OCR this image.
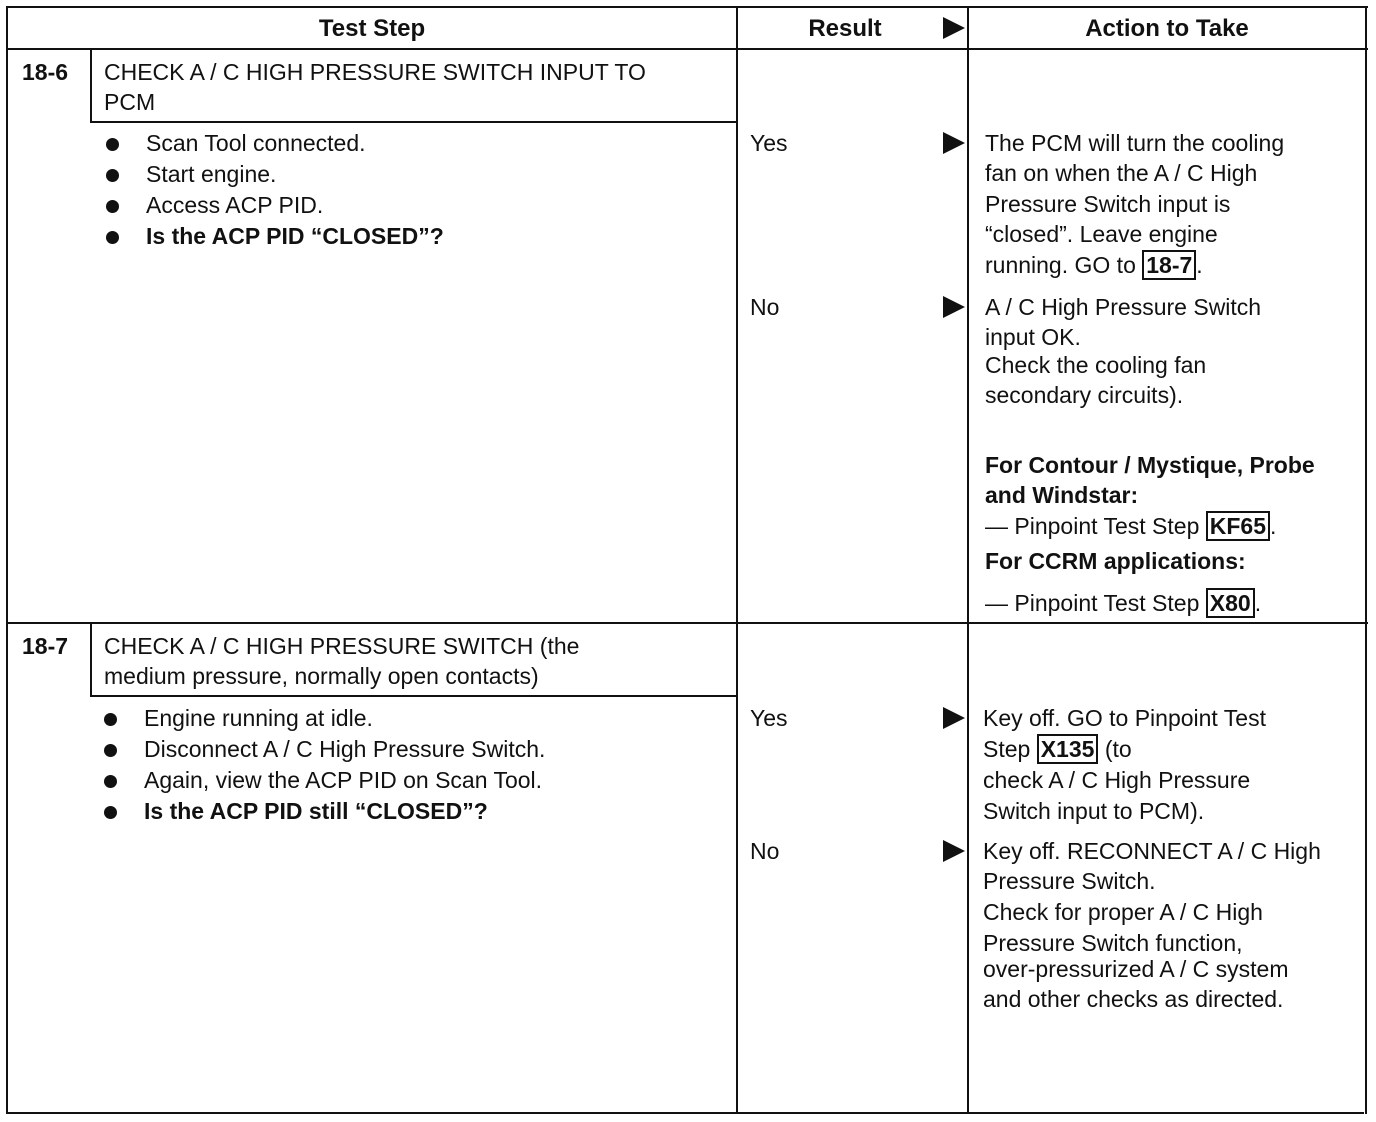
Test Step	Result	Action to Take
18-6 CHECK A / C HIGH PRESSURE SWITCH INPUT TO
PCM
Scan Tool connected.
Start engine.
Access ACP PID.
Is the ACP PID “CLOSED”?
Yes	The PCM will turn the cooling
fan on when the A / C High
Pressure Switch input is
“closed”. Leave engine
running. GO to 18-7 .
No	A / C High Pressure Switch
input OK.
Check the cooling fan
secondary circuits).
For Contour / Mystique, Probe
and Windstar:
— Pinpoint Test Step KF65 .
For CCRM applications:
— Pinpoint Test Step X80 .
18-7 CHECK A / C HIGH PRESSURE SWITCH (the
medium pressure, normally open contacts)
Engine running at idle.
Disconnect A / C High Pressure Switch.
Again, view the ACP PID on Scan Tool.
Is the ACP PID still “CLOSED”?
Yes	Key off. GO to Pinpoint Test
Step X135 (to
check A / C High Pressure
Switch input to PCM).
No	Key off. RECONNECT A / C High
Pressure Switch.
Check for proper A / C High
Pressure Switch function,
over-pressurized A / C system
and other checks as directed.
